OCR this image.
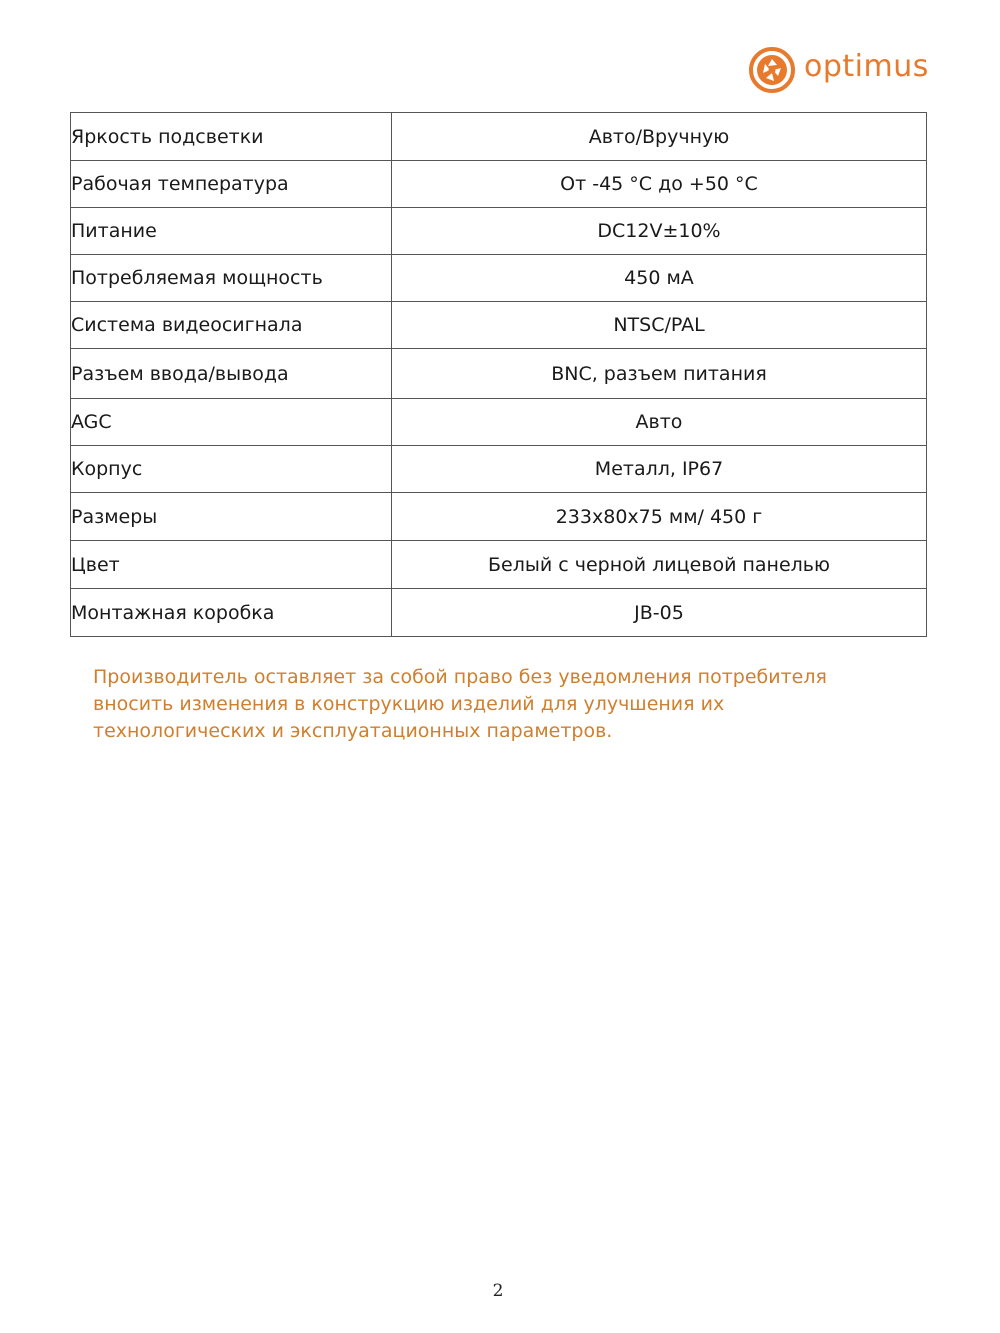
optimus
Яркость подсветки	Авто/Вручную
Рабочая температура	От -45 °C до +50 °C
Питание	DC12V±10%
Потребляемая мощность	450 мА
Система видеосигнала	NTSC/PAL
Разъем ввода/вывода	BNC, разъем питания
AGC	Авто
Корпус	Металл, IP67
Размеры	233x80x75 мм/ 450 г
Цвет	Белый с черной лицевой панелью
Монтажная коробка	JB-05

Производитель оставляет за собой право без уведомления потребителя

вносить изменения в конструкцию изделий для улучшения их

технологических и эксплуатационных параметров.

2
